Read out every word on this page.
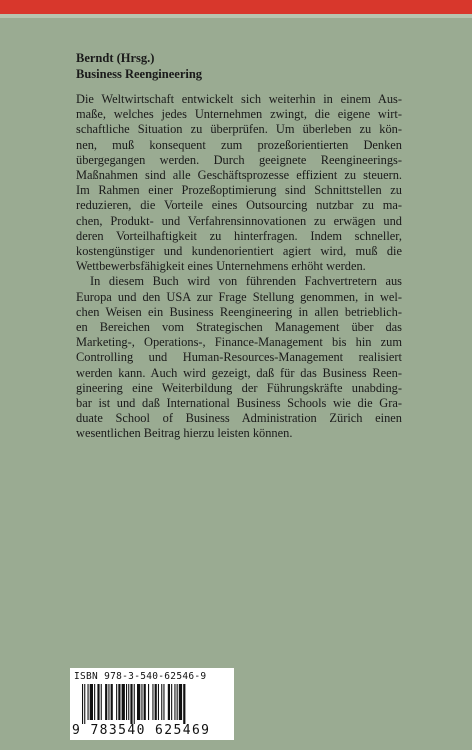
Berndt (Hrsg.)
Business Reengineering
Die Weltwirtschaft entwickelt sich weiterhin in einem Aus-
maße, welches jedes Unternehmen zwingt, die eigene wirt-
schaftliche Situation zu überprüfen. Um überleben zu kön-
nen, muß konsequent zum prozeßorientierten Denken
übergegangen werden. Durch geeignete Reengineerings-
Maßnahmen sind alle Geschäftsprozesse effizient zu steuern.
Im Rahmen einer Prozeßoptimierung sind Schnittstellen zu
reduzieren, die Vorteile eines Outsourcing nutzbar zu ma-
chen, Produkt- und Verfahrensinnovationen zu erwägen und
deren Vorteilhaftigkeit zu hinterfragen. Indem schneller,
kostengünstiger und kundenorientiert agiert wird, muß die
Wettbewerbsfähigkeit eines Unternehmens erhöht werden.
In diesem Buch wird von führenden Fachvertretern aus
Europa und den USA zur Frage Stellung genommen, in wel-
chen Weisen ein Business Reengineering in allen betrieblich-
en Bereichen vom Strategischen Management über das
Marketing-, Operations-, Finance-Management bis hin zum
Controlling und Human-Resources-Management realisiert
werden kann. Auch wird gezeigt, daß für das Business Reen-
gineering eine Weiterbildung der Führungskräfte unabding-
bar ist und daß International Business Schools wie die Gra-
duate School of Business Administration Zürich einen
wesentlichen Beitrag hierzu leisten können.
ISBN 978-3-540-62546-9
9 783540 625469
